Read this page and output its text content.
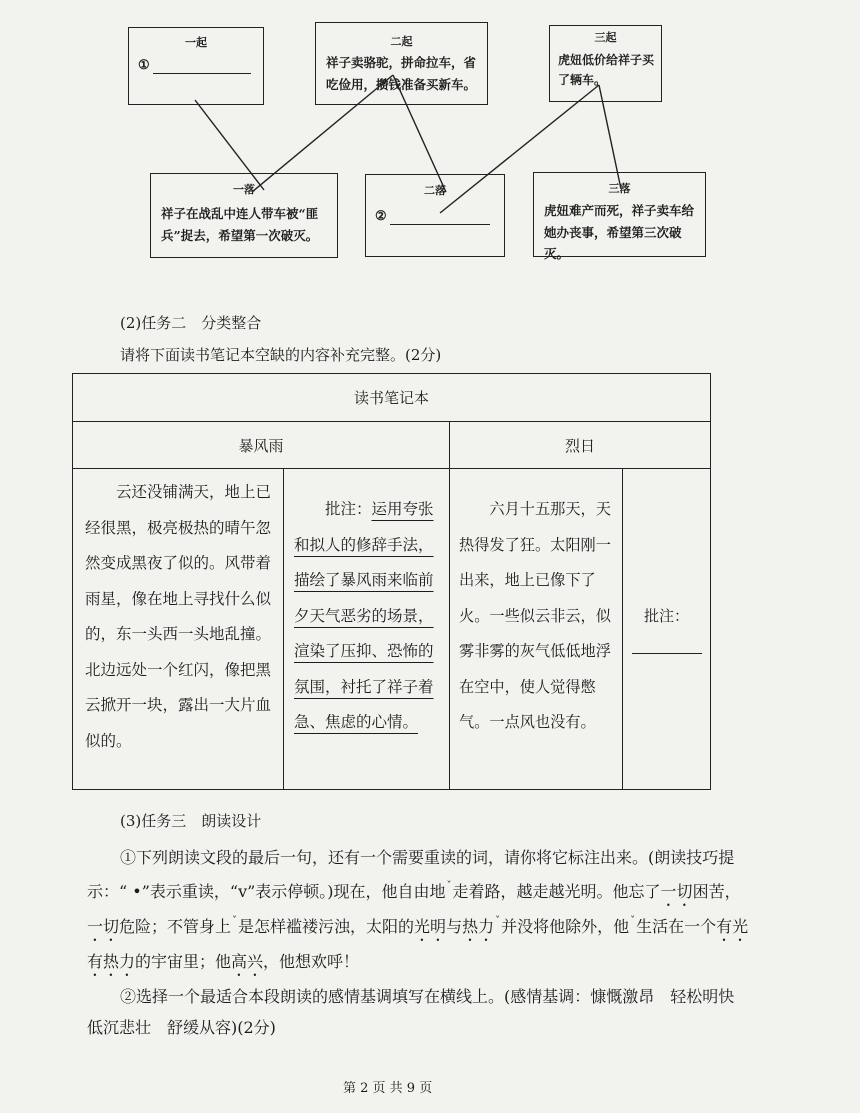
一起
①
二起
祥子卖骆驼，拼命拉车，省吃俭用，攒钱准备买新车。
三起
虎妞低价给祥子买了辆车。
一落
祥子在战乱中连人带车被“匪兵”捉去，希望第一次破灭。
二落
②
三落
虎妞难产而死，祥子卖车给她办丧事，希望第三次破灭。
(2)任务二　分类整合
请将下面读书笔记本空缺的内容补充完整。(2分)
读书笔记本			
暴风雨		烈日	
云还没铺满天，地上已经很黑，极亮极热的晴午忽然变成黑夜了似的。风带着雨星，像在地上寻找什么似的，东一头西一头地乱撞。北边远处一个红闪，像把黑云掀开一块，露出一大片血似的。	批注：运用夸张和拟人的修辞手法，描绘了暴风雨来临前夕天气恶劣的场景，渲染了压抑、恐怖的氛围，衬托了祥子着急、焦虑的心情。	六月十五那天，天热得发了狂。太阳刚一出来，地上已像下了火。一些似云非云，似雾非雾的灰气低低地浮在空中，使人觉得憋气。一点风也没有。	批注：
(3)任务三　朗读设计
①下列朗读文段的最后一句，还有一个需要重读的词，请你将它标注出来。(朗读技巧提示：“ •”表示重读，“v”表示停顿。)现在，他自由地ˇ走着路，越走越光明。他忘了一切困苦，一切危险；不管身上ˇ是怎样褴褛污浊，太阳的光明与热力ˇ并没将他除外，他ˇ生活在一个有光有热力的宇宙里；他高兴，他想欢呼！
②选择一个最适合本段朗读的感情基调填写在横线上。(感情基调：慷慨激昂　轻松明快　低沉悲壮　舒缓从容)(2分)
第 2 页 共 9 页
